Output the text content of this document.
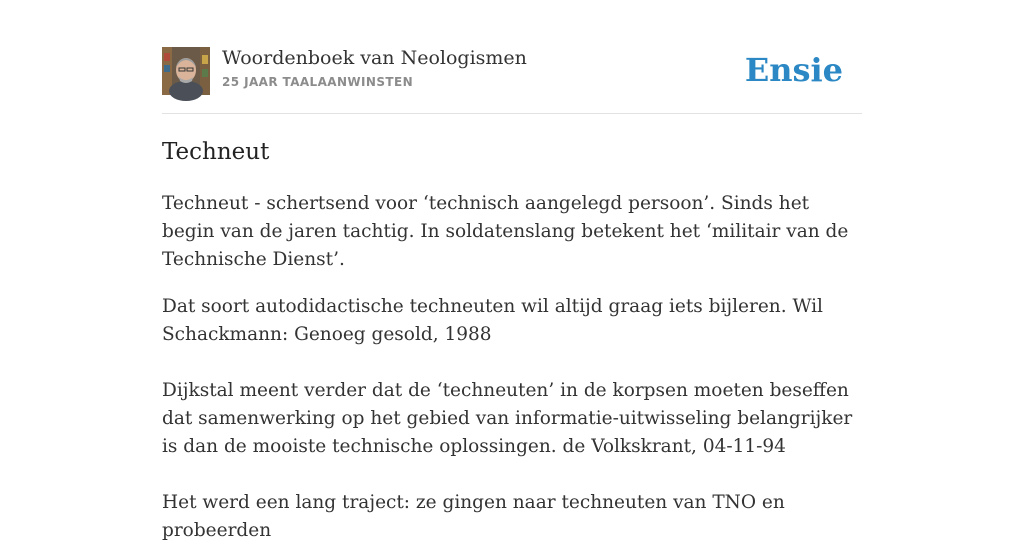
Woordenboek van Neologismen
25 JAAR TAALAANWINSTEN	Ensie
Techneut

Techneut - schertsend voor ‘technisch aangelegd persoon’. Sinds het begin van de jaren tachtig. In soldatenslang betekent het ‘militair van de Technische Dienst’.

Dat soort autodidactische techneuten wil altijd graag iets bijleren. Wil Schackmann: Genoeg gesold, 1988

Dijkstal meent verder dat de ‘techneuten’ in de korpsen moeten beseffen dat samenwerking op het gebied van informatie-uitwisseling belangrijker is dan de mooiste technische oplossingen. de Volkskrant, 04-11-94

Het werd een lang traject: ze gingen naar techneuten van TNO en probeerden
